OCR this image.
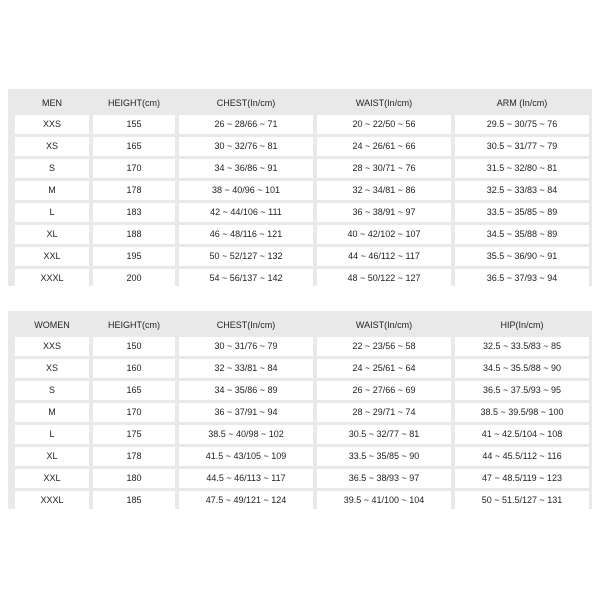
MEN	HEIGHT(cm)	CHEST(In/cm)	WAIST(In/cm)	ARM (In/cm)
XXS	155	26 ~ 28/66 ~ 71	20 ~ 22/50 ~ 56	29.5 ~ 30/75 ~ 76
XS	165	30 ~ 32/76 ~ 81	24 ~ 26/61 ~ 66	30.5 ~ 31/77 ~ 79
S	170	34 ~ 36/86 ~ 91	28 ~ 30/71 ~ 76	31.5 ~ 32/80 ~ 81
M	178	38 ~ 40/96 ~ 101	32 ~ 34/81 ~ 86	32.5 ~ 33/83 ~ 84
L	183	42 ~ 44/106 ~ 111	36 ~ 38/91 ~ 97	33.5 ~ 35/85 ~ 89
XL	188	46 ~ 48/116 ~ 121	40 ~ 42/102 ~ 107	34.5 ~ 35/88 ~ 89
XXL	195	50 ~ 52/127 ~ 132	44 ~ 46/112 ~ 117	35.5 ~ 36/90 ~ 91
XXXL	200	54 ~ 56/137 ~ 142	48 ~ 50/122 ~ 127	36.5 ~ 37/93 ~ 94
WOMEN	HEIGHT(cm)	CHEST(In/cm)	WAIST(In/cm)	HIP(In/cm)
XXS	150	30 ~ 31/76 ~ 79	22 ~ 23/56 ~ 58	32.5 ~ 33.5/83 ~ 85
XS	160	32 ~ 33/81 ~ 84	24 ~ 25/61 ~ 64	34.5 ~ 35.5/88 ~ 90
S	165	34 ~ 35/86 ~ 89	26 ~ 27/66 ~ 69	36.5 ~ 37.5/93 ~ 95
M	170	36 ~ 37/91 ~ 94	28 ~ 29/71 ~ 74	38.5 ~ 39.5/98 ~ 100
L	175	38.5 ~ 40/98 ~ 102	30.5 ~ 32/77 ~ 81	41 ~ 42.5/104 ~ 108
XL	178	41.5 ~ 43/105 ~ 109	33.5 ~ 35/85 ~ 90	44 ~ 45.5/112 ~ 116
XXL	180	44.5 ~ 46/113 ~ 117	36.5 ~ 38/93 ~ 97	47 ~ 48.5/119 ~ 123
XXXL	185	47.5 ~ 49/121 ~ 124	39.5 ~ 41/100 ~ 104	50 ~ 51.5/127 ~ 131
